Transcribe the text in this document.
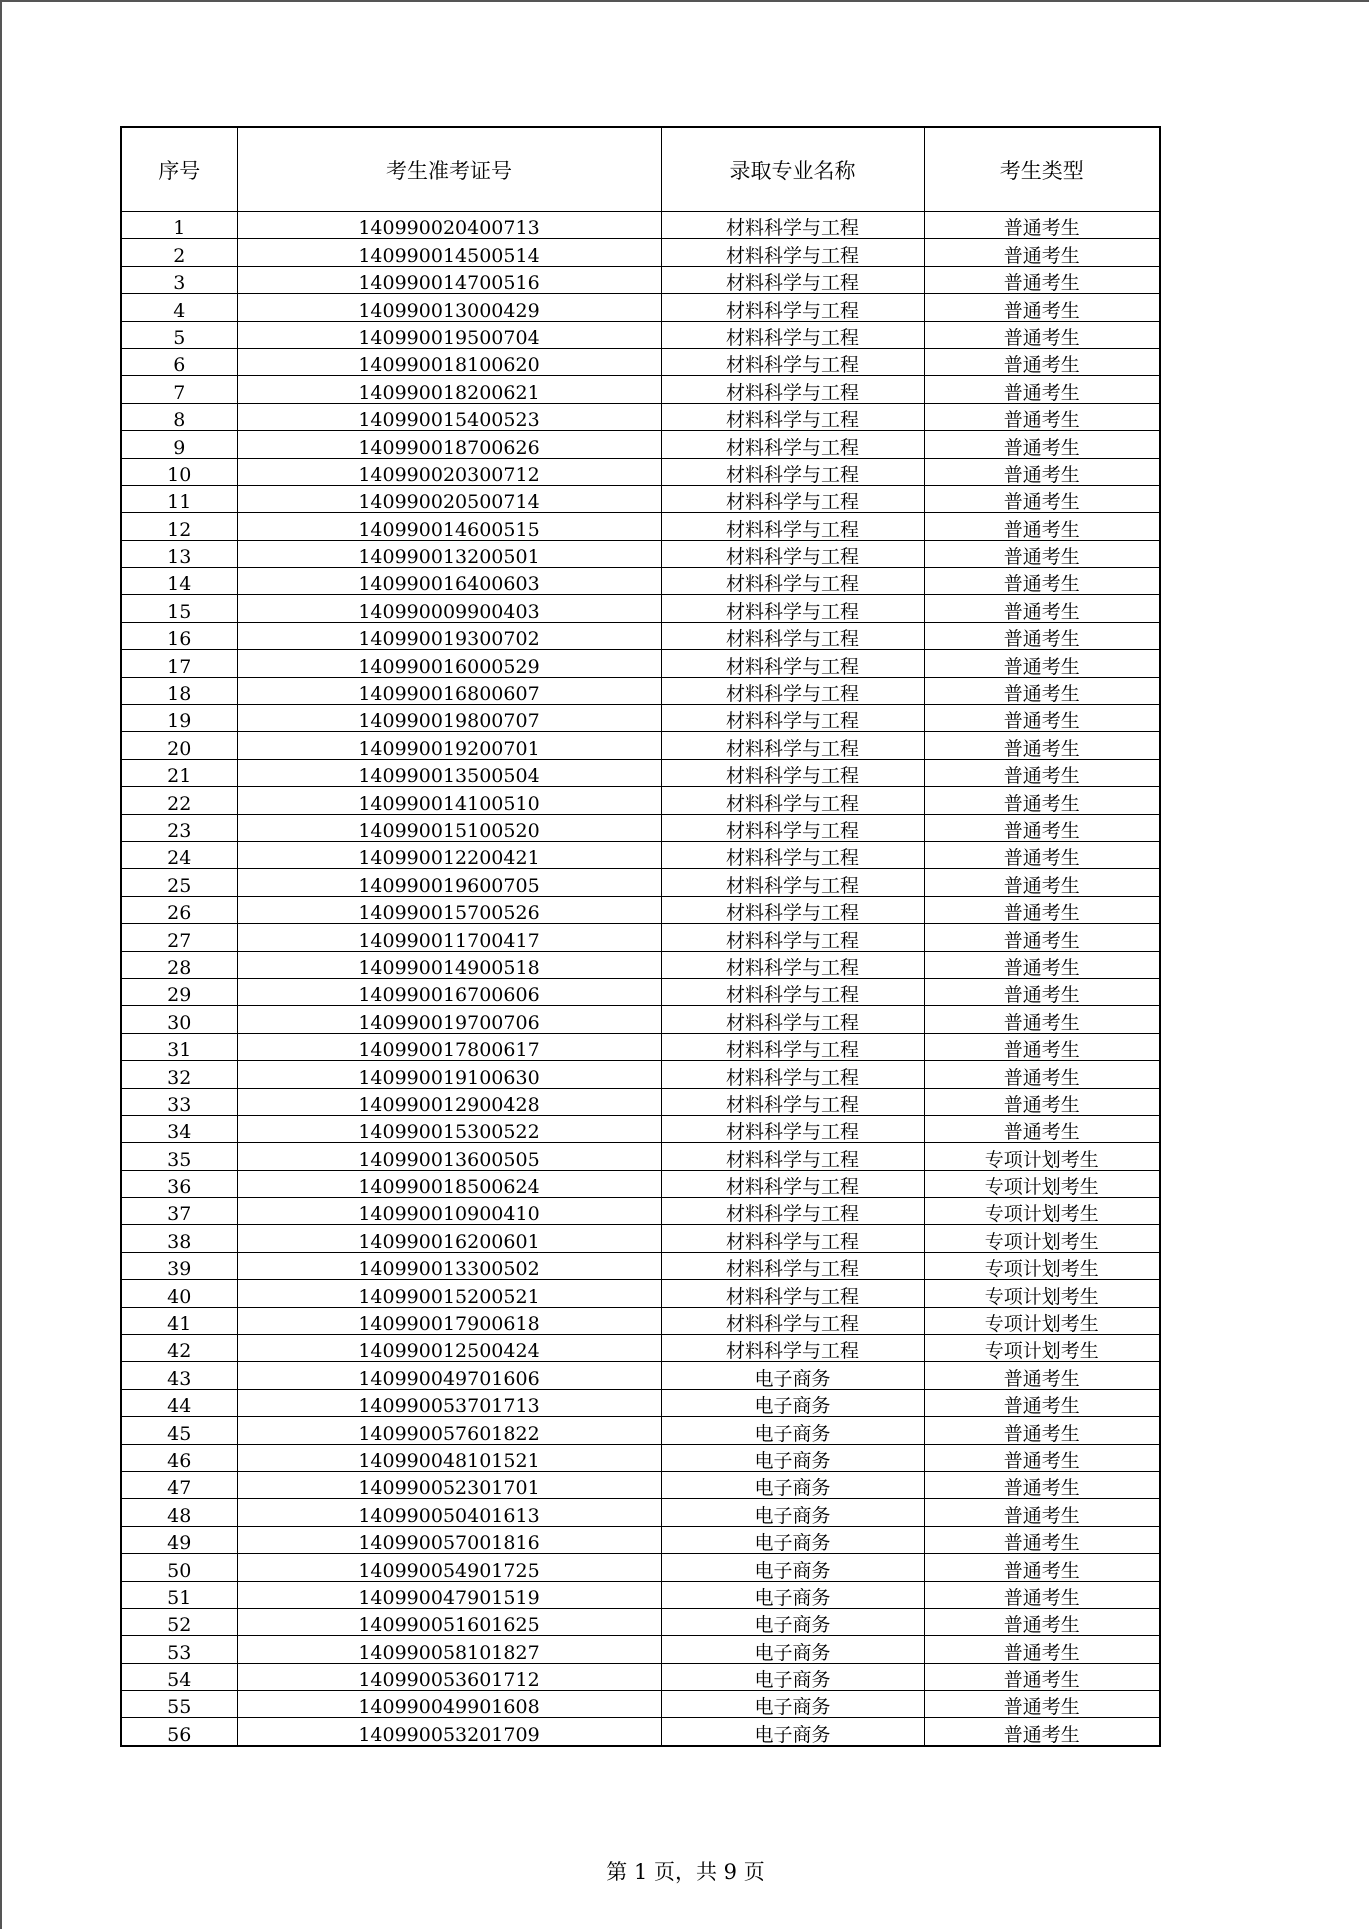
序号	考生准考证号	录取专业名称	考生类型
1	140990020400713	材料科学与工程	普通考生
2	140990014500514	材料科学与工程	普通考生
3	140990014700516	材料科学与工程	普通考生
4	140990013000429	材料科学与工程	普通考生
5	140990019500704	材料科学与工程	普通考生
6	140990018100620	材料科学与工程	普通考生
7	140990018200621	材料科学与工程	普通考生
8	140990015400523	材料科学与工程	普通考生
9	140990018700626	材料科学与工程	普通考生
10	140990020300712	材料科学与工程	普通考生
11	140990020500714	材料科学与工程	普通考生
12	140990014600515	材料科学与工程	普通考生
13	140990013200501	材料科学与工程	普通考生
14	140990016400603	材料科学与工程	普通考生
15	140990009900403	材料科学与工程	普通考生
16	140990019300702	材料科学与工程	普通考生
17	140990016000529	材料科学与工程	普通考生
18	140990016800607	材料科学与工程	普通考生
19	140990019800707	材料科学与工程	普通考生
20	140990019200701	材料科学与工程	普通考生
21	140990013500504	材料科学与工程	普通考生
22	140990014100510	材料科学与工程	普通考生
23	140990015100520	材料科学与工程	普通考生
24	140990012200421	材料科学与工程	普通考生
25	140990019600705	材料科学与工程	普通考生
26	140990015700526	材料科学与工程	普通考生
27	140990011700417	材料科学与工程	普通考生
28	140990014900518	材料科学与工程	普通考生
29	140990016700606	材料科学与工程	普通考生
30	140990019700706	材料科学与工程	普通考生
31	140990017800617	材料科学与工程	普通考生
32	140990019100630	材料科学与工程	普通考生
33	140990012900428	材料科学与工程	普通考生
34	140990015300522	材料科学与工程	普通考生
35	140990013600505	材料科学与工程	专项计划考生
36	140990018500624	材料科学与工程	专项计划考生
37	140990010900410	材料科学与工程	专项计划考生
38	140990016200601	材料科学与工程	专项计划考生
39	140990013300502	材料科学与工程	专项计划考生
40	140990015200521	材料科学与工程	专项计划考生
41	140990017900618	材料科学与工程	专项计划考生
42	140990012500424	材料科学与工程	专项计划考生
43	140990049701606	电子商务	普通考生
44	140990053701713	电子商务	普通考生
45	140990057601822	电子商务	普通考生
46	140990048101521	电子商务	普通考生
47	140990052301701	电子商务	普通考生
48	140990050401613	电子商务	普通考生
49	140990057001816	电子商务	普通考生
50	140990054901725	电子商务	普通考生
51	140990047901519	电子商务	普通考生
52	140990051601625	电子商务	普通考生
53	140990058101827	电子商务	普通考生
54	140990053601712	电子商务	普通考生
55	140990049901608	电子商务	普通考生
56	140990053201709	电子商务	普通考生
第 1 页，共 9 页
